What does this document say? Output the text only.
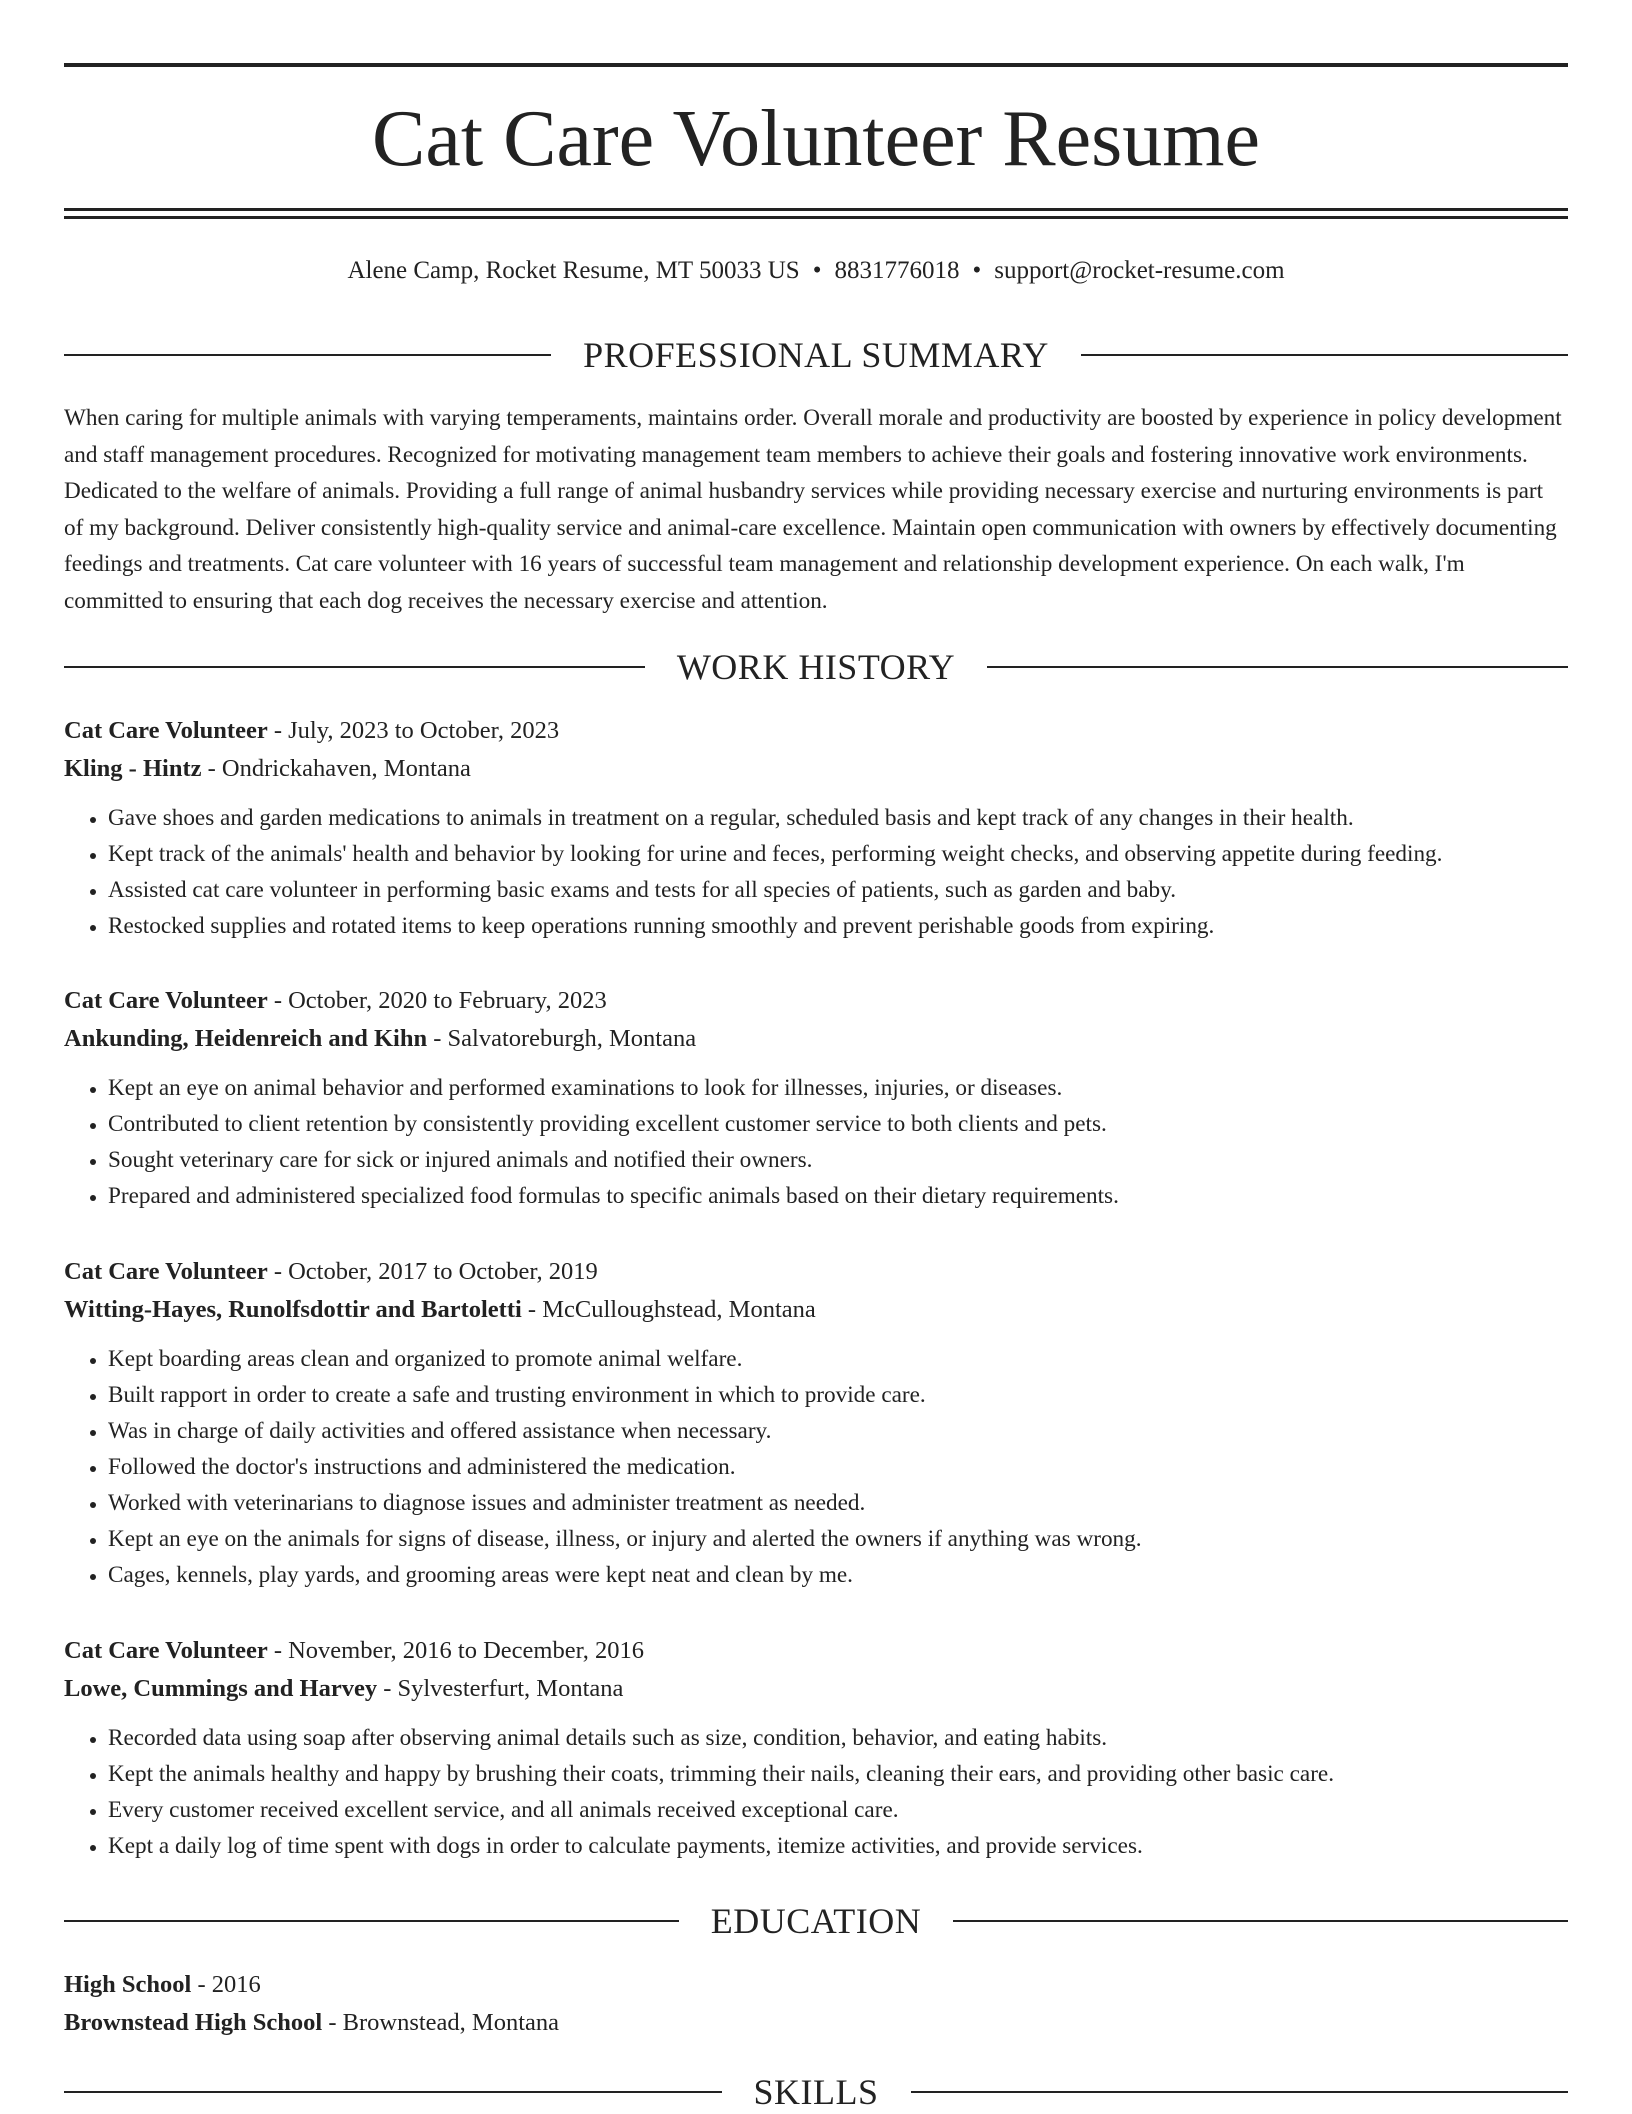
Cat Care Volunteer Resume
Alene Camp, Rocket Resume, MT 50033 US • 8831776018 • support@rocket-resume.com
PROFESSIONAL SUMMARY

When caring for multiple animals with varying temperaments, maintains order. Overall morale and productivity are boosted by experience in policy development and staff management procedures. Recognized for motivating management team members to achieve their goals and fostering innovative work environments. Dedicated to the welfare of animals. Providing a full range of animal husbandry services while providing necessary exercise and nurturing environments is part of my background. Deliver consistently high-quality service and animal-care excellence. Maintain open communication with owners by effectively documenting feedings and treatments. Cat care volunteer with 16 years of successful team management and relationship development experience. On each walk, I'm committed to ensuring that each dog receives the necessary exercise and attention.

WORK HISTORY
Cat Care Volunteer - July, 2023 to October, 2023
Kling - Hintz - Ondrickahaven, Montana
• Gave shoes and garden medications to animals in treatment on a regular, scheduled basis and kept track of any changes in their health.
• Kept track of the animals' health and behavior by looking for urine and feces, performing weight checks, and observing appetite during feeding.
• Assisted cat care volunteer in performing basic exams and tests for all species of patients, such as garden and baby.
• Restocked supplies and rotated items to keep operations running smoothly and prevent perishable goods from expiring.
Cat Care Volunteer - October, 2020 to February, 2023
Ankunding, Heidenreich and Kihn - Salvatoreburgh, Montana
• Kept an eye on animal behavior and performed examinations to look for illnesses, injuries, or diseases.
• Contributed to client retention by consistently providing excellent customer service to both clients and pets.
• Sought veterinary care for sick or injured animals and notified their owners.
• Prepared and administered specialized food formulas to specific animals based on their dietary requirements.
Cat Care Volunteer - October, 2017 to October, 2019
Witting-Hayes, Runolfsdottir and Bartoletti - McCulloughstead, Montana
• Kept boarding areas clean and organized to promote animal welfare.
• Built rapport in order to create a safe and trusting environment in which to provide care.
• Was in charge of daily activities and offered assistance when necessary.
• Followed the doctor's instructions and administered the medication.
• Worked with veterinarians to diagnose issues and administer treatment as needed.
• Kept an eye on the animals for signs of disease, illness, or injury and alerted the owners if anything was wrong.
• Cages, kennels, play yards, and grooming areas were kept neat and clean by me.
Cat Care Volunteer - November, 2016 to December, 2016
Lowe, Cummings and Harvey - Sylvesterfurt, Montana
• Recorded data using soap after observing animal details such as size, condition, behavior, and eating habits.
• Kept the animals healthy and happy by brushing their coats, trimming their nails, cleaning their ears, and providing other basic care.
• Every customer received excellent service, and all animals received exceptional care.
• Kept a daily log of time spent with dogs in order to calculate payments, itemize activities, and provide services.
EDUCATION
High School - 2016
Brownstead High School - Brownstead, Montana
SKILLS
